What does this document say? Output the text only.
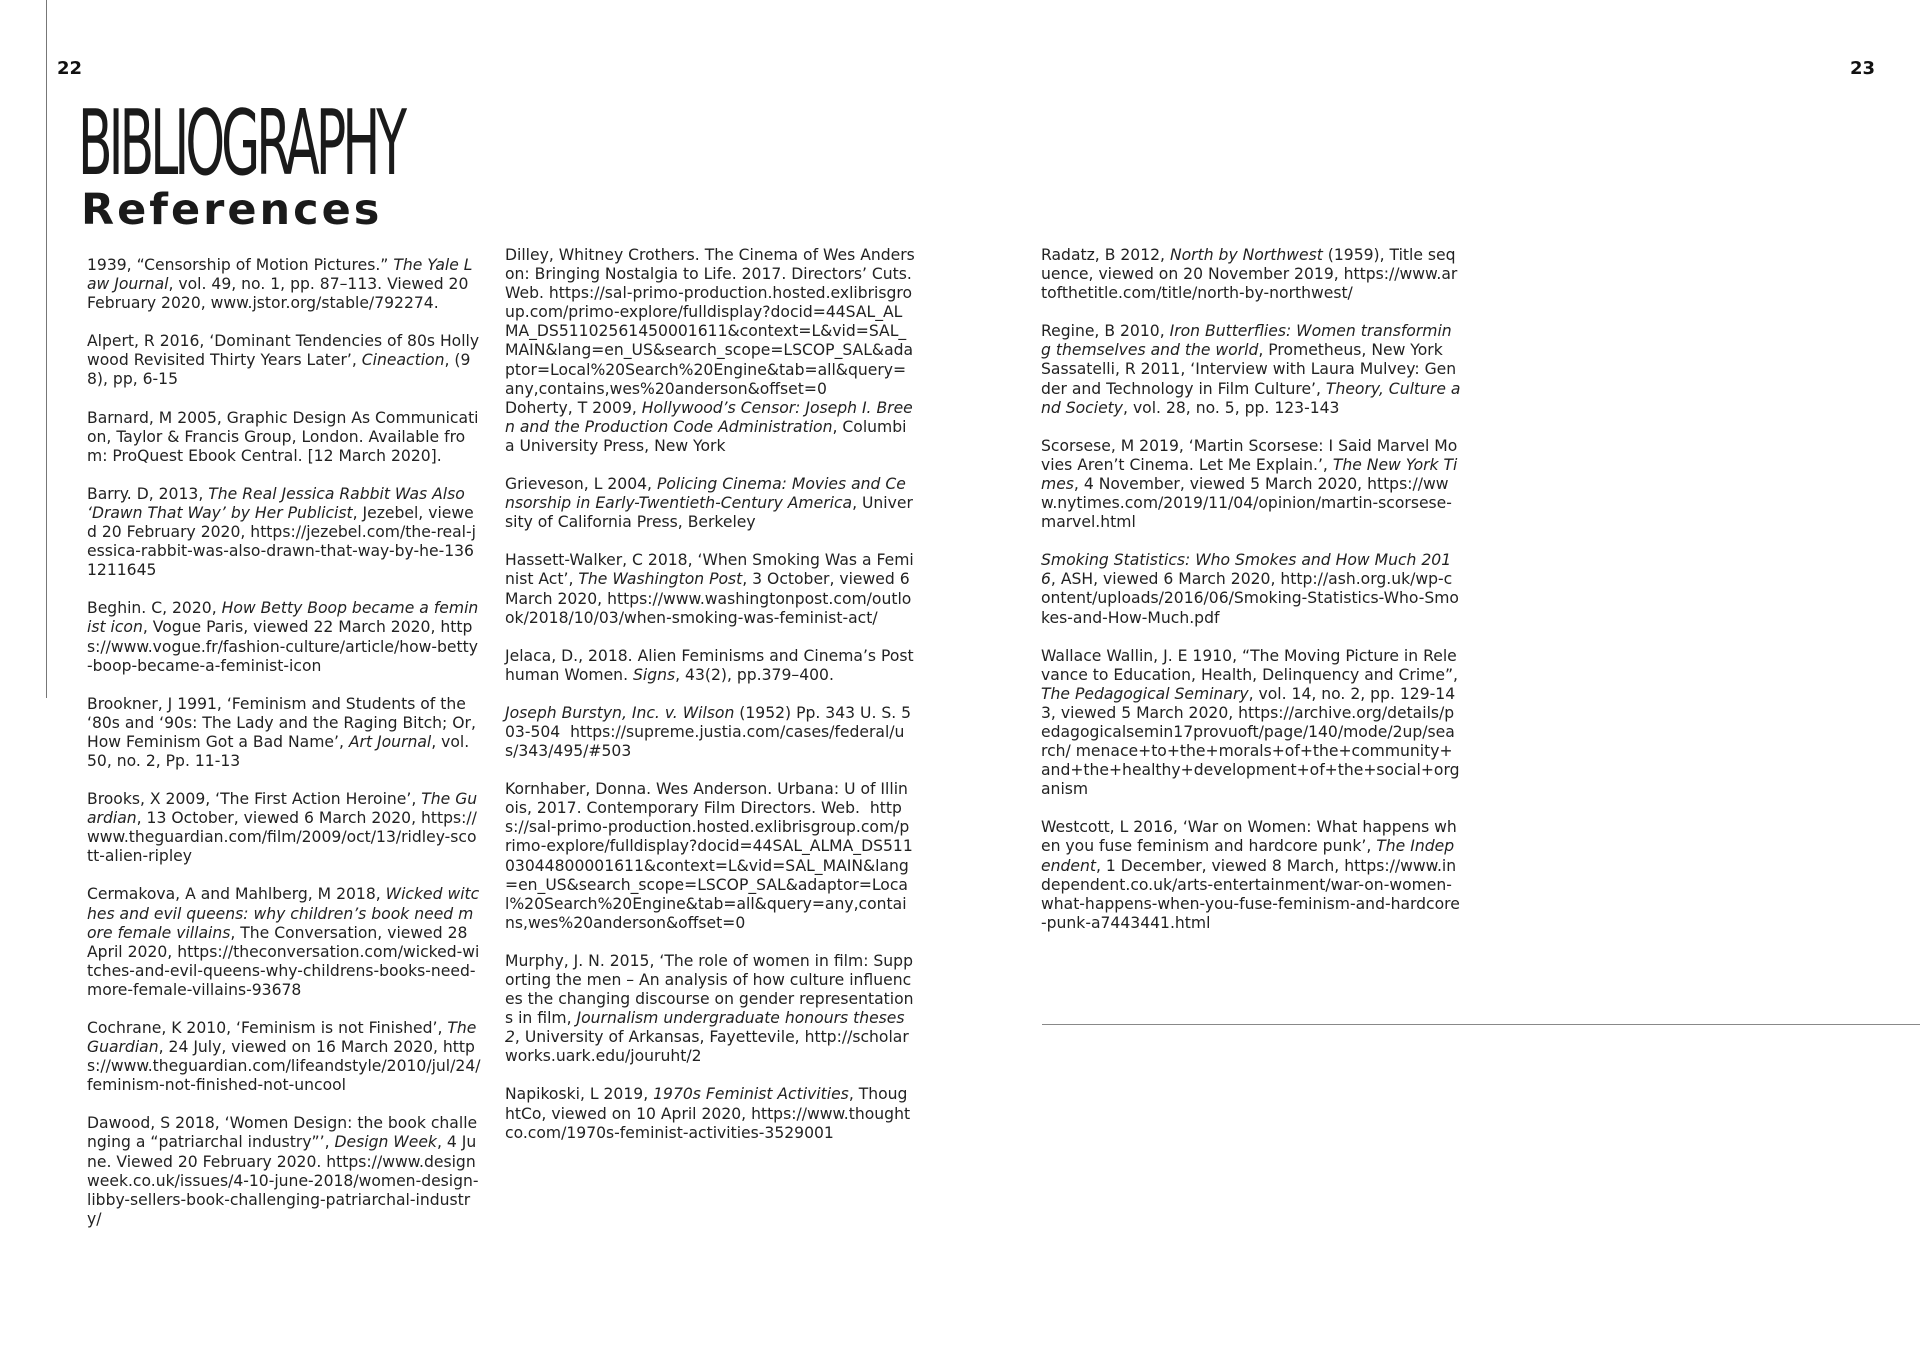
22	23
BIBLIOGRAPHY
References

1939, “Censorship of Motion Pictures.” The Yale Law Journal, vol. 49, no. 1, pp. 87–113. Viewed 20 February 2020, www.jstor.org/stable/792274.

Alpert, R 2016, ‘Dominant Tendencies of 80s Hollywood Revisited Thirty Years Later’, Cineaction, (98), pp, 6-15

Barnard, M 2005, Graphic Design As Communication, Taylor & Francis Group, London. Available from: ProQuest Ebook Central. [12 March 2020].

Barry. D, 2013, The Real Jessica Rabbit Was Also ‘Drawn That Way’ by Her Publicist, Jezebel, viewed 20 February 2020, https://jezebel.com/the-real-jessica-rabbit-was-also-drawn-that-way-by-he-1361211645

Beghin. C, 2020, How Betty Boop became a feminist icon, Vogue Paris, viewed 22 March 2020, https://www.vogue.fr/fashion-culture/article/how-betty-boop-became-a-feminist-icon

Brookner, J 1991, ‘Feminism and Students of the ‘80s and ‘90s: The Lady and the Raging Bitch; Or, How Feminism Got a Bad Name’, Art Journal, vol. 50, no. 2, Pp. 11-13

Brooks, X 2009, ‘The First Action Heroine’, The Guardian, 13 October, viewed 6 March 2020, https://www.theguardian.com/film/2009/oct/13/ridley-scott-alien-ripley

Cermakova, A and Mahlberg, M 2018, Wicked witches and evil queens: why children’s book need more female villains, The Conversation, viewed 28 April 2020, https://theconversation.com/wicked-witches-and-evil-queens-why-childrens-books-need-more-female-villains-93678

Cochrane, K 2010, ‘Feminism is not Finished’, The Guardian, 24 July, viewed on 16 March 2020, https://www.theguardian.com/lifeandstyle/2010/jul/24/feminism-not-finished-not-uncool

Dawood, S 2018, ‘Women Design: the book challenging a “patriarchal industry”’, Design Week, 4 June. Viewed 20 February 2020. https://www.designweek.co.uk/issues/4-10-june-2018/women-design-libby-sellers-book-challenging-patriarchal-industry/

Dilley, Whitney Crothers. The Cinema of Wes Anderson: Bringing Nostalgia to Life. 2017. Directors’ Cuts. Web. https://sal-primo-production.hosted.exlibrisgroup.com/primo-explore/fulldisplay?docid=44SAL_ALMA_DS51102561450001611&context=L&vid=SAL_MAIN&lang=en_US&search_scope=LSCOP_SAL&adaptor=Local%20Search%20Engine&tab=all&query=any,contains,wes%20anderson&offset=0

Doherty, T 2009, Hollywood’s Censor: Joseph I. Breen and the Production Code Administration, Columbia University Press, New York

Grieveson, L 2004, Policing Cinema: Movies and Censorship in Early-Twentieth-Century America, University of California Press, Berkeley

Hassett-Walker, C 2018, ‘When Smoking Was a Feminist Act’, The Washington Post, 3 October, viewed 6 March 2020, https://www.washingtonpost.com/outlook/2018/10/03/when-smoking-was-feminist-act/

Jelaca, D., 2018. Alien Feminisms and Cinema’s Posthuman Women. Signs, 43(2), pp.379–400.

Joseph Burstyn, Inc. v. Wilson (1952) Pp. 343 U. S. 503-504  https://supreme.justia.com/cases/federal/us/343/495/#503

Kornhaber, Donna. Wes Anderson. Urbana: U of Illinois, 2017. Contemporary Film Directors. Web.  https://sal-primo-production.hosted.exlibrisgroup.com/primo-explore/fulldisplay?docid=44SAL_ALMA_DS51103044800001611&context=L&vid=SAL_MAIN&lang=en_US&search_scope=LSCOP_SAL&adaptor=Local%20Search%20Engine&tab=all&query=any,contains,wes%20anderson&offset=0

Murphy, J. N. 2015, ‘The role of women in film: Supporting the men – An analysis of how culture influences the changing discourse on gender representations in film, Journalism undergraduate honours theses 2, University of Arkansas, Fayettevile, http://scholarworks.uark.edu/jouruht/2

Napikoski, L 2019, 1970s Feminist Activities, ThoughtCo, viewed on 10 April 2020, https://www.thoughtco.com/1970s-feminist-activities-3529001

Radatz, B 2012, North by Northwest (1959), Title sequence, viewed on 20 November 2019, https://www.artofthetitle.com/title/north-by-northwest/

Regine, B 2010, Iron Butterflies: Women transforming themselves and the world, Prometheus, New York

Sassatelli, R 2011, ‘Interview with Laura Mulvey: Gender and Technology in Film Culture’, Theory, Culture and Society, vol. 28, no. 5, pp. 123-143

Scorsese, M 2019, ‘Martin Scorsese: I Said Marvel Movies Aren’t Cinema. Let Me Explain.’, The New York Times, 4 November, viewed 5 March 2020, https://www.nytimes.com/2019/11/04/opinion/martin-scorsese-marvel.html

Smoking Statistics: Who Smokes and How Much 2016, ASH, viewed 6 March 2020, http://ash.org.uk/wp-content/uploads/2016/06/Smoking-Statistics-Who-Smokes-and-How-Much.pdf

Wallace Wallin, J. E 1910, “The Moving Picture in Relevance to Education, Health, Delinquency and Crime”, The Pedagogical Seminary, vol. 14, no. 2, pp. 129-143, viewed 5 March 2020, https://archive.org/details/pedagogicalsemin17provuoft/page/140/mode/2up/search/ menace+to+the+morals+of+the+community+and+the+healthy+development+of+the+social+organism

Westcott, L 2016, ‘War on Women: What happens when you fuse feminism and hardcore punk’, The Independent, 1 December, viewed 8 March, https://www.independent.co.uk/arts-entertainment/war-on-women-what-happens-when-you-fuse-feminism-and-hardcore-punk-a7443441.html
